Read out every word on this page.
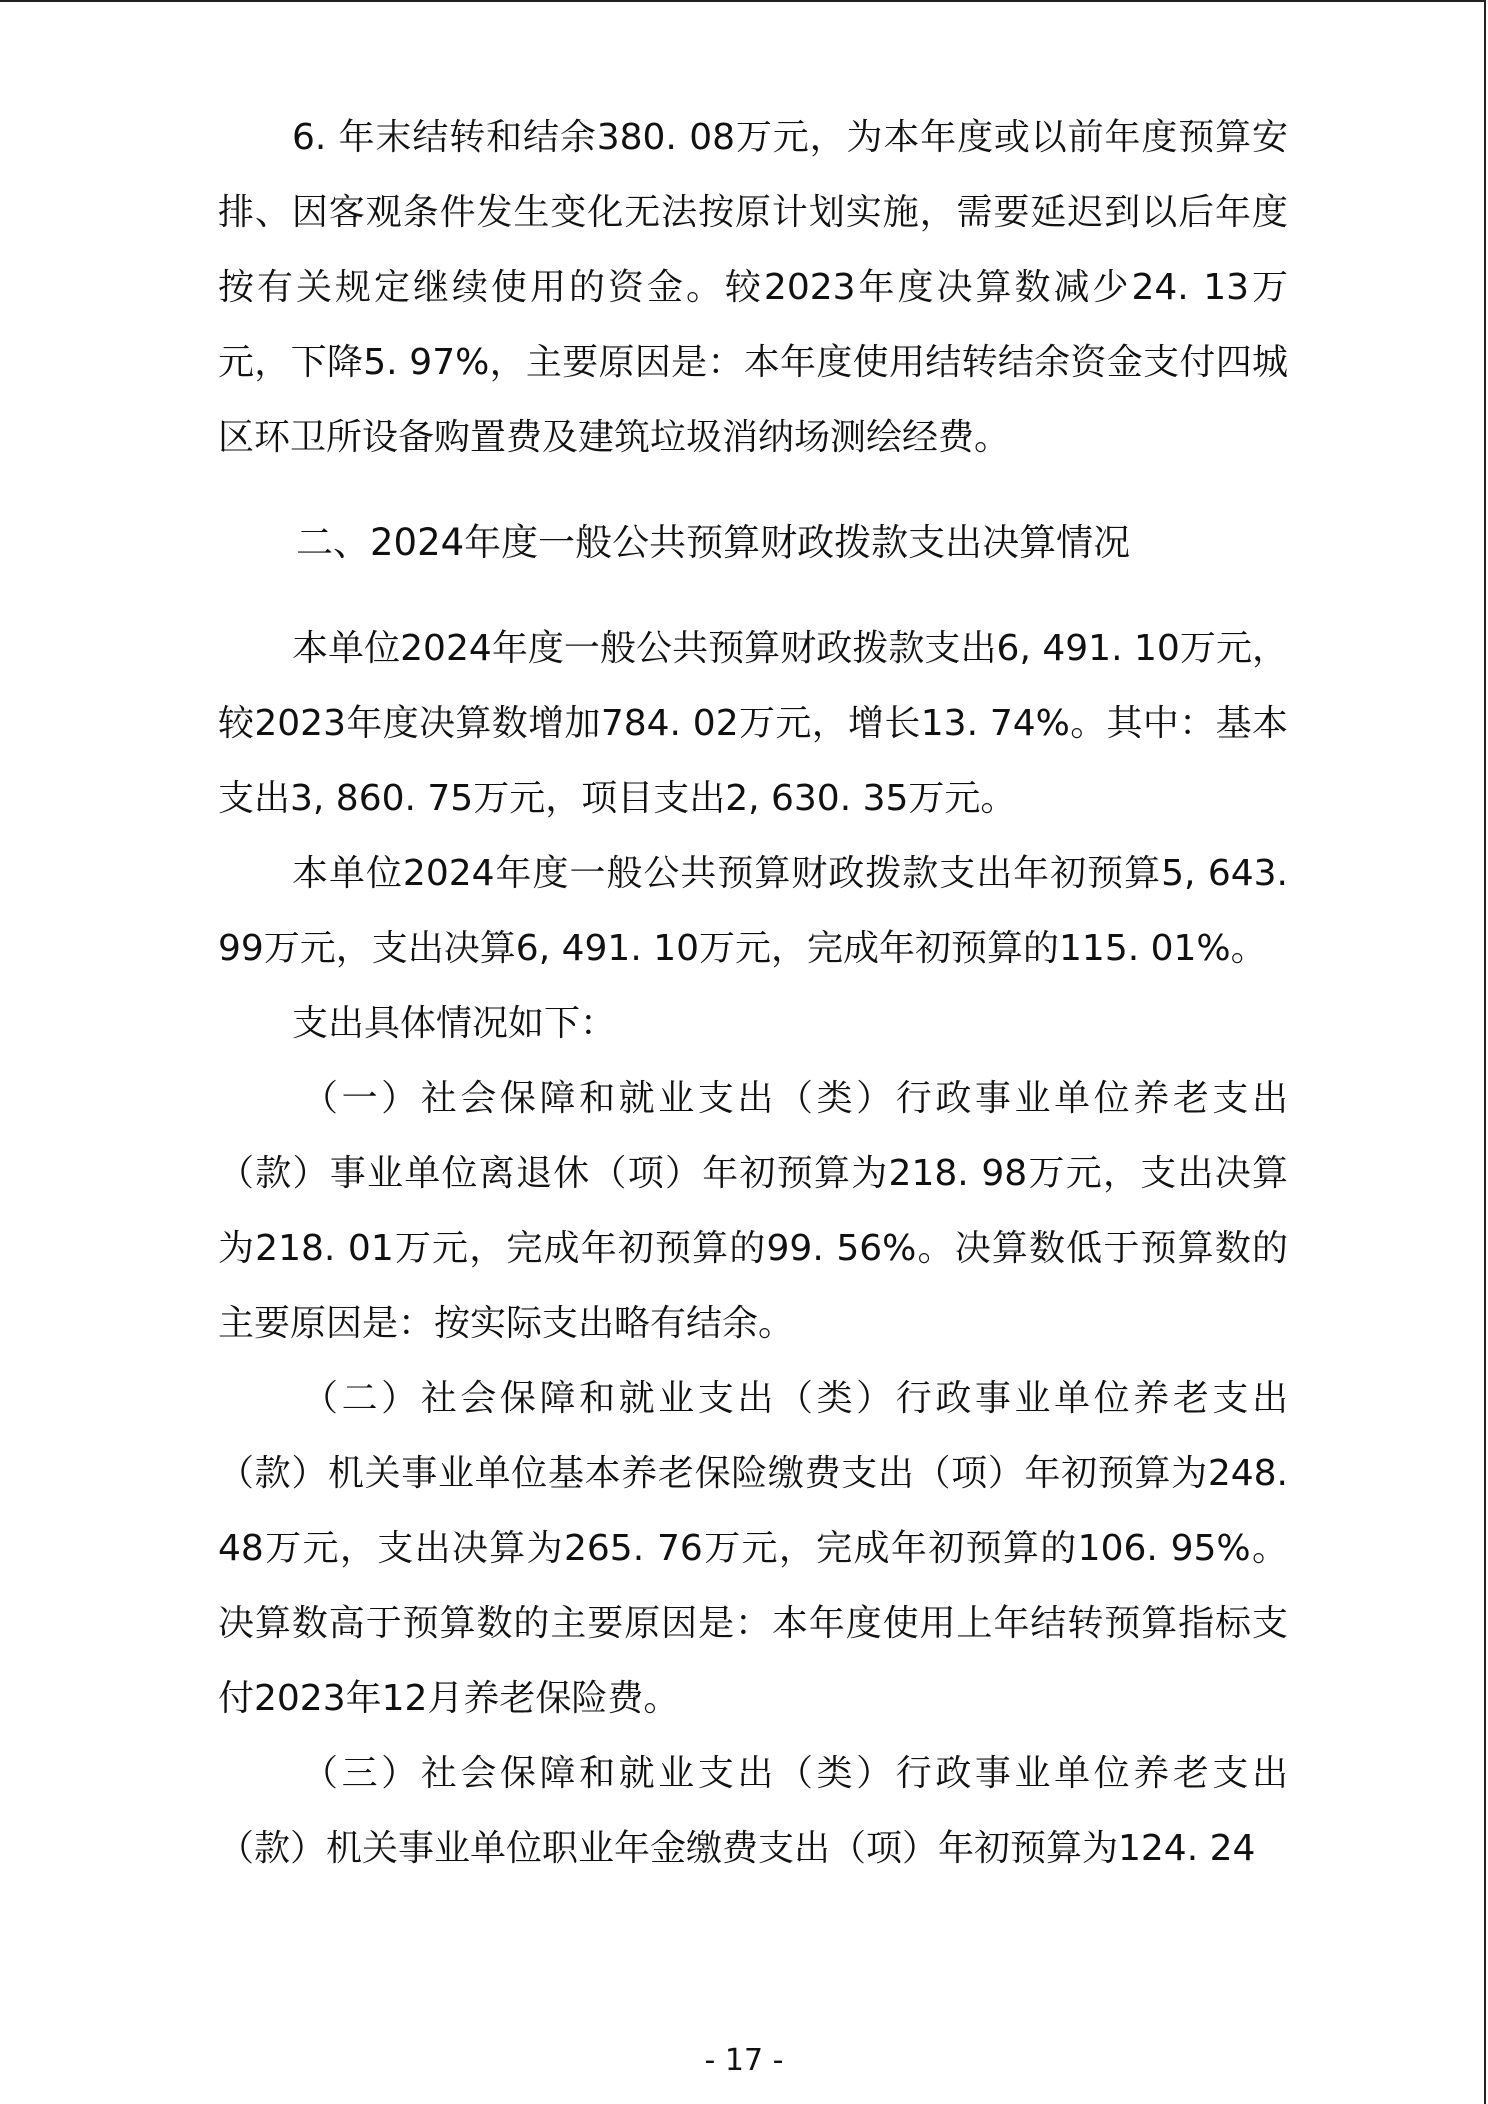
6. 年末结转和结余380. 08万元，为本年度或以前年度预算安排、因客观条件发生变化无法按原计划实施，需要延迟到以后年度按有关规定继续使用的资金。较2023年度决算数减少24. 13万元，下降5. 97%，主要原因是：本年度使用结转结余资金支付四城区环卫所设备购置费及建筑垃圾消纳场测绘经费。

二、2024年度一般公共预算财政拨款支出决算情况

本单位2024年度一般公共预算财政拨款支出6, 491. 10万元，较2023年度决算数增加784. 02万元，增长13. 74%。其中：基本支出3, 860. 75万元，项目支出2, 630. 35万元。

本单位2024年度一般公共预算财政拨款支出年初预算5, 643. 99万元，支出决算6, 491. 10万元，完成年初预算的115. 01%。

支出具体情况如下：

（一）社会保障和就业支出（类）行政事业单位养老支出（款）事业单位离退休（项）年初预算为218. 98万元，支出决算为218. 01万元，完成年初预算的99. 56%。决算数低于预算数的主要原因是：按实际支出略有结余。

（二）社会保障和就业支出（类）行政事业单位养老支出（款）机关事业单位基本养老保险缴费支出（项）年初预算为248. 48万元，支出决算为265. 76万元，完成年初预算的106. 95%。决算数高于预算数的主要原因是：本年度使用上年结转预算指标支付2023年12月养老保险费。

（三）社会保障和就业支出（类）行政事业单位养老支出（款）机关事业单位职业年金缴费支出（项）年初预算为124. 24

- 17 -
